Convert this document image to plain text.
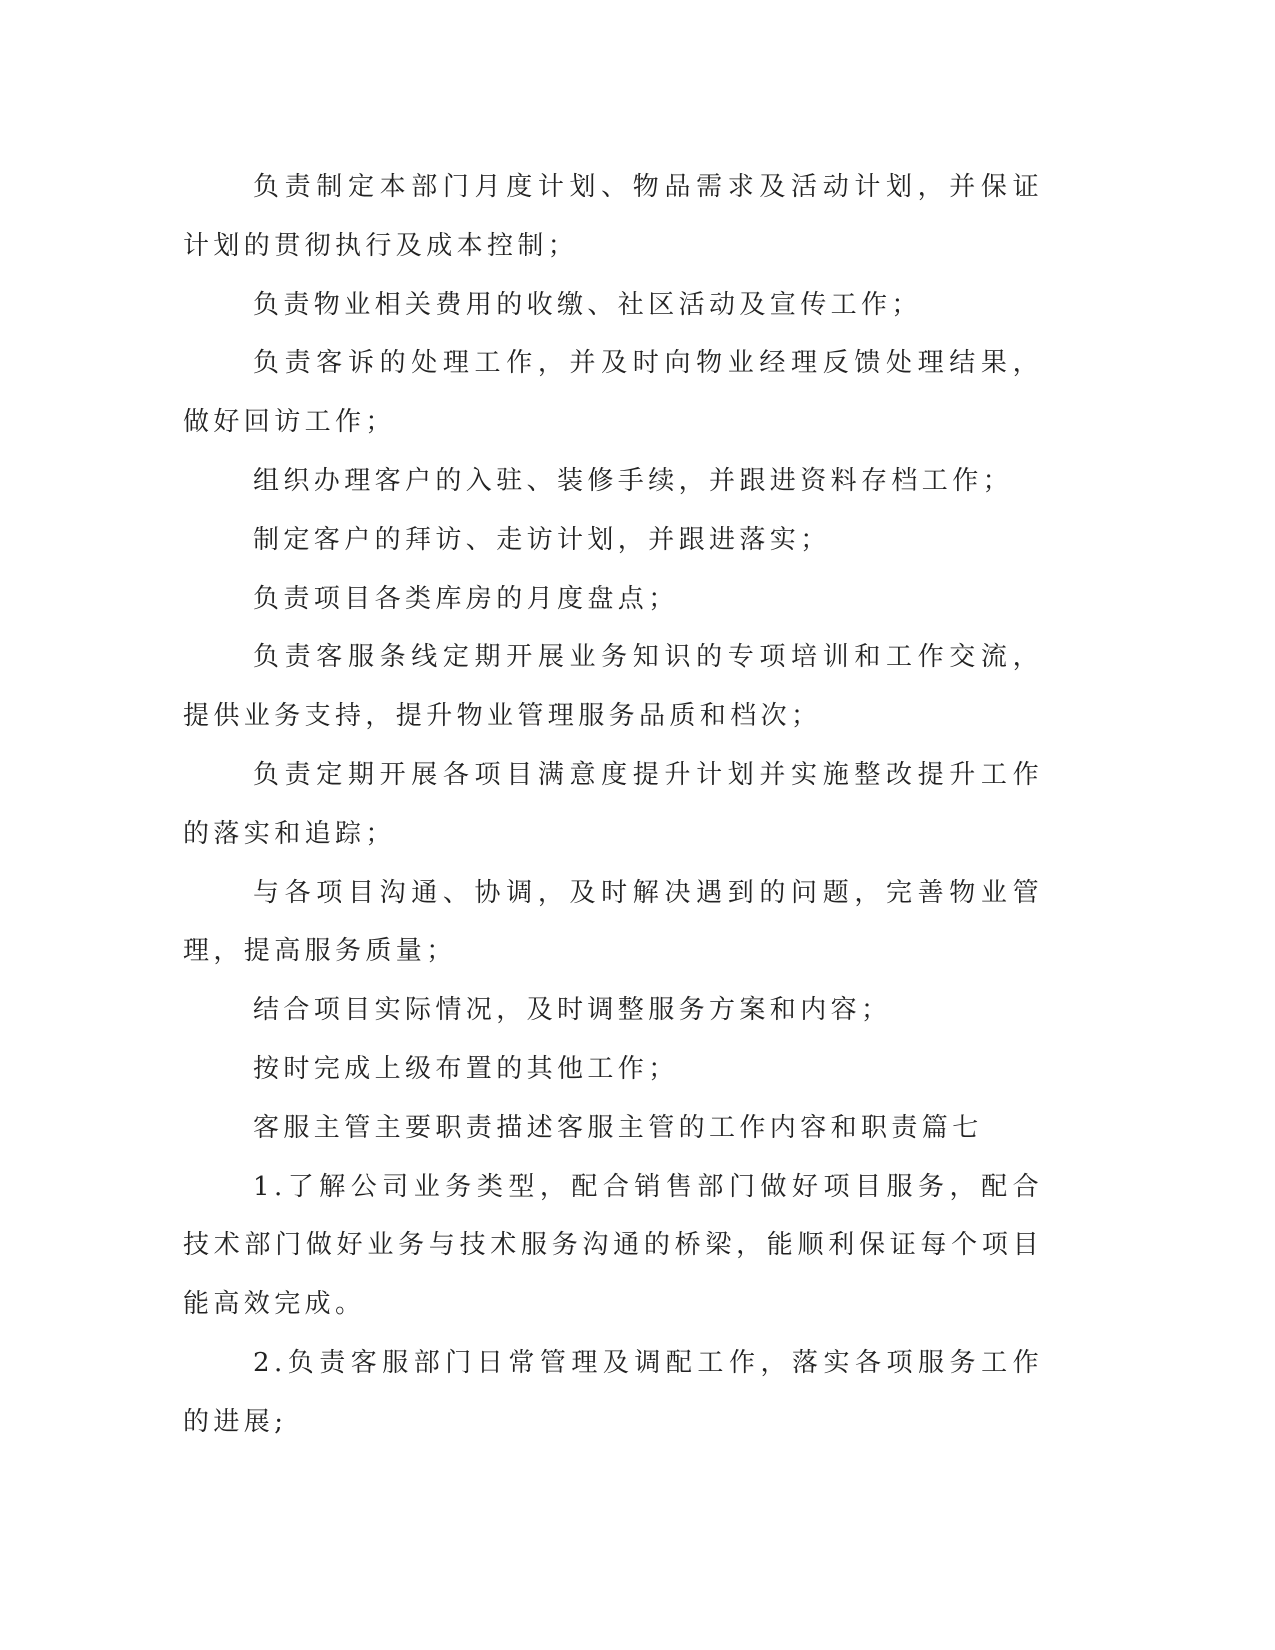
负责制定本部门月度计划、物品需求及活动计划，并保证计划的贯彻执行及成本控制；

负责物业相关费用的收缴、社区活动及宣传工作；

负责客诉的处理工作，并及时向物业经理反馈处理结果，做好回访工作；

组织办理客户的入驻、装修手续，并跟进资料存档工作；

制定客户的拜访、走访计划，并跟进落实；

负责项目各类库房的月度盘点；

负责客服条线定期开展业务知识的专项培训和工作交流，提供业务支持，提升物业管理服务品质和档次；

负责定期开展各项目满意度提升计划并实施整改提升工作的落实和追踪；

与各项目沟通、协调，及时解决遇到的问题，完善物业管理，提高服务质量；

结合项目实际情况，及时调整服务方案和内容；

按时完成上级布置的其他工作；

客服主管主要职责描述客服主管的工作内容和职责篇七

1.了解公司业务类型，配合销售部门做好项目服务，配合技术部门做好业务与技术服务沟通的桥梁，能顺利保证每个项目能高效完成。

2.负责客服部门日常管理及调配工作，落实各项服务工作的进展;
